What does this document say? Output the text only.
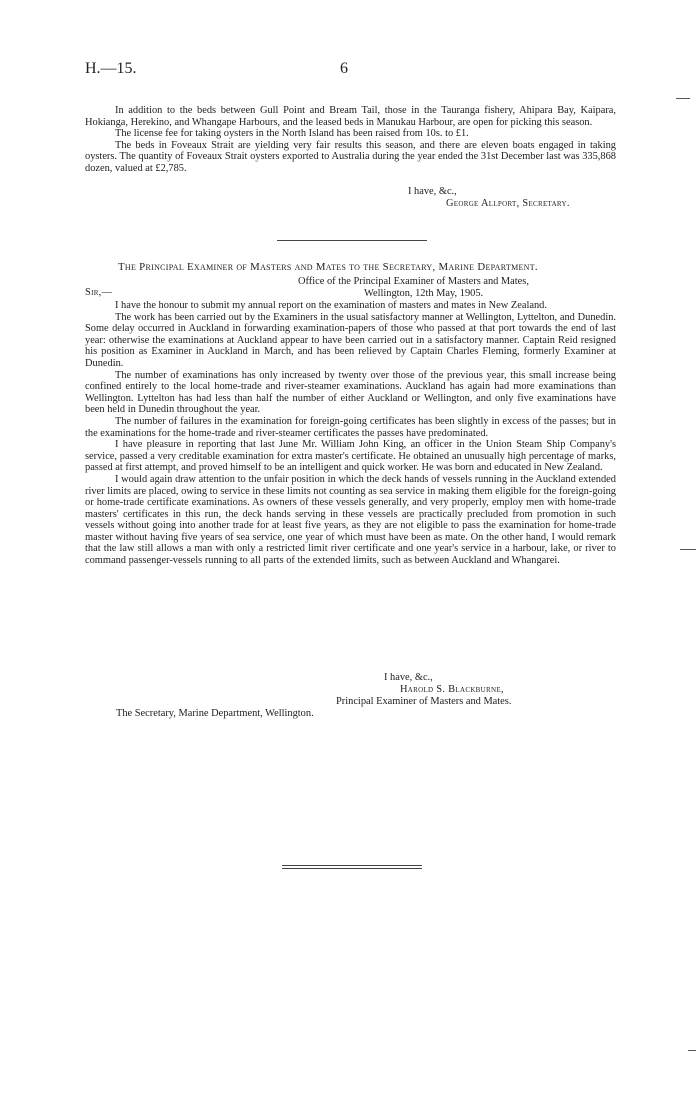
H.—15.	6

In addition to the beds between Gull Point and Bream Tail, those in the Tauranga fishery, Ahipara Bay, Kaipara, Hokianga, Herekino, and Whangape Harbours, and the leased beds in Manukau Harbour, are open for picking this season.

The license fee for taking oysters in the North Island has been raised from 10s. to £1.

The beds in Foveaux Strait are yielding very fair results this season, and there are eleven boats engaged in taking oysters. The quantity of Foveaux Strait oysters exported to Australia during the year ended the 31st December last was 335,868 dozen, valued at £2,785.

I have, &c.,
George Allport, Secretary.
The Principal Examiner of Masters and Mates to the Secretary, Marine Department.
Office of the Principal Examiner of Masters and Mates,
Sir,—	Wellington, 12th May, 1905.

I have the honour to submit my annual report on the examination of masters and mates in New Zealand.

The work has been carried out by the Examiners in the usual satisfactory manner at Wellington, Lyttelton, and Dunedin. Some delay occurred in Auckland in forwarding examination-papers of those who passed at that port towards the end of last year: otherwise the examinations at Auckland appear to have been carried out in a satisfactory manner. Captain Reid resigned his position as Examiner in Auckland in March, and has been relieved by Captain Charles Fleming, formerly Examiner at Dunedin.

The number of examinations has only increased by twenty over those of the previous year, this small increase being confined entirely to the local home-trade and river-steamer examinations. Auckland has again had more examinations than Wellington. Lyttelton has had less than half the number of either Auckland or Wellington, and only five examinations have been held in Dunedin throughout the year.

The number of failures in the examination for foreign-going certificates has been slightly in excess of the passes; but in the examinations for the home-trade and river-steamer certificates the passes have predominated.

I have pleasure in reporting that last June Mr. William John King, an officer in the Union Steam Ship Company's service, passed a very creditable examination for extra master's certificate. He obtained an unusually high percentage of marks, passed at first attempt, and proved himself to be an intelligent and quick worker. He was born and educated in New Zealand.

I would again draw attention to the unfair position in which the deck hands of vessels running in the Auckland extended river limits are placed, owing to service in these limits not counting as sea service in making them eligible for the foreign-going or home-trade certificate examinations. As owners of these vessels generally, and very properly, employ men with home-trade masters' certificates in this run, the deck hands serving in these vessels are practically precluded from promotion in such vessels without going into another trade for at least five years, as they are not eligible to pass the examination for home-trade master without having five years of sea service, one year of which must have been as mate. On the other hand, I would remark that the law still allows a man with only a restricted limit river certificate and one year's service in a harbour, lake, or river to command passenger-vessels running to all parts of the extended limits, such as between Auckland and Whangarei.

I have, &c.,
Harold S. Blackburne,
Principal Examiner of Masters and Mates.
The Secretary, Marine Department, Wellington.
